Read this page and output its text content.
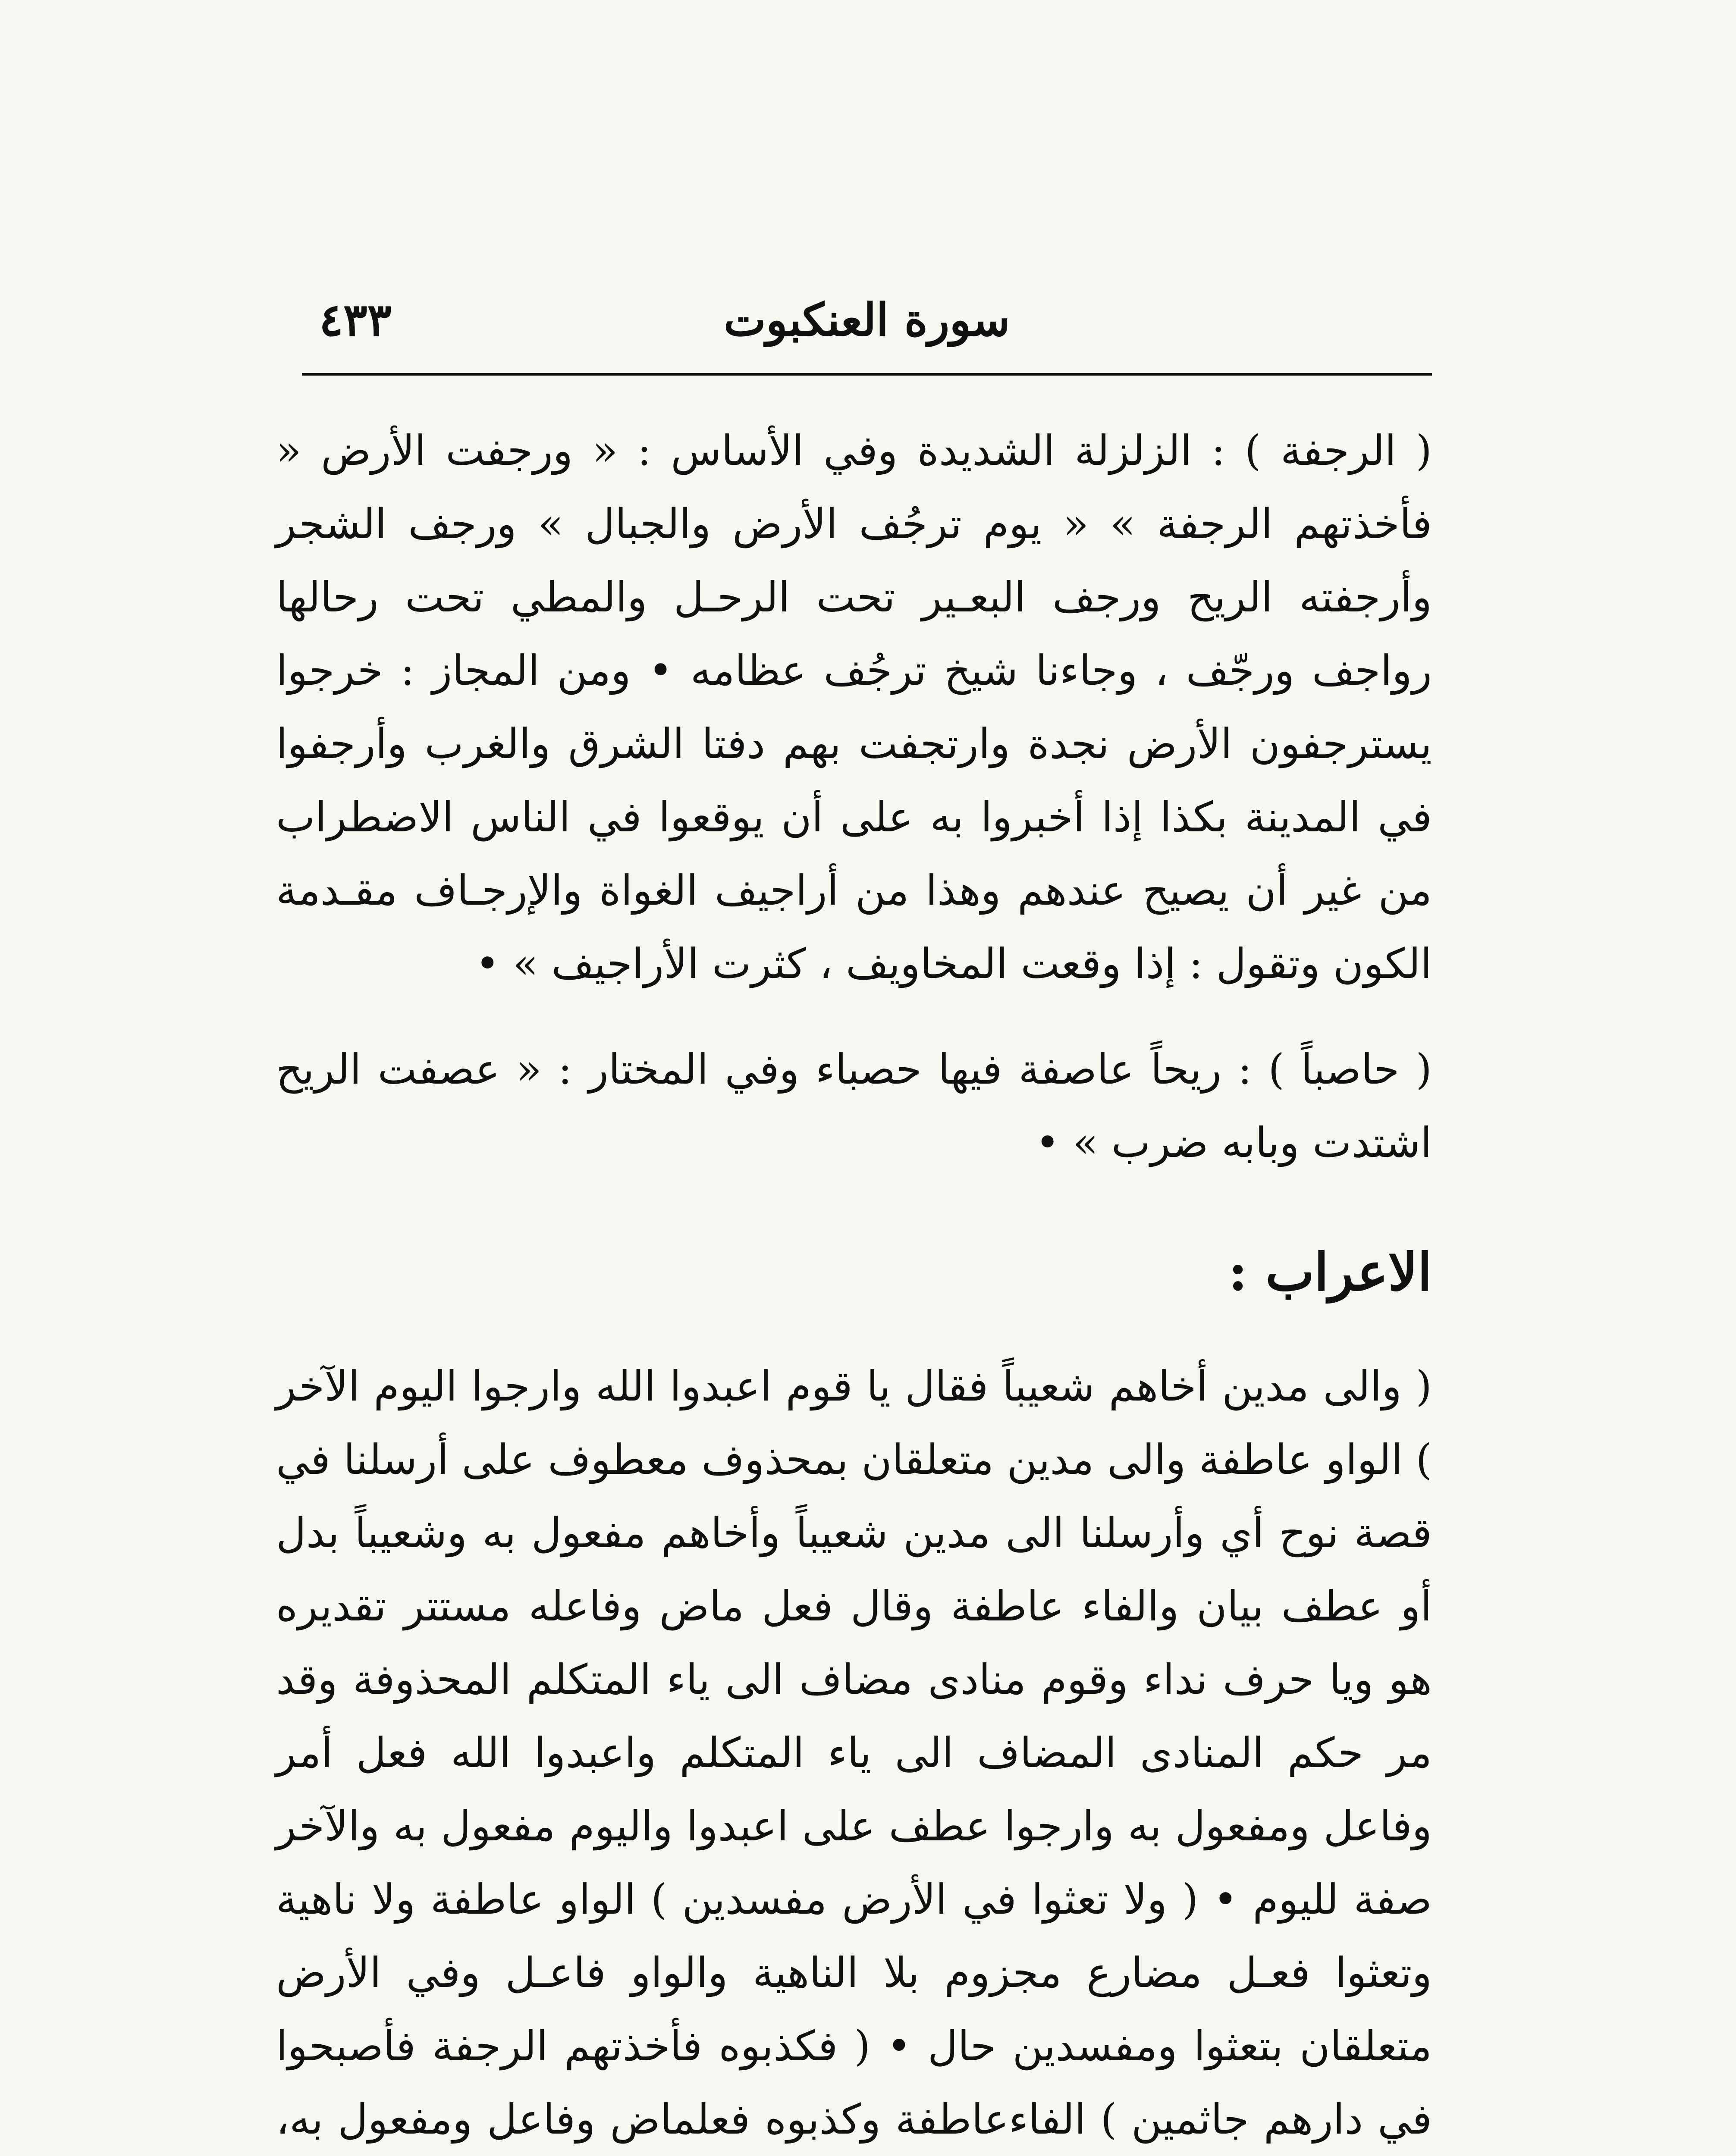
٤٣٣	سورة العنكبوت

( الرجفة ) : الزلزلة الشديدة وفي الأساس : « ورجفت الأرض « فأخذتهم الرجفة » « يوم ترجُف الأرض والجبال » ورجف الشجر وأرجفته الريح ورجف البعـير تحت الرحـل والمطي تحت رحالها رواجف ورجّف ، وجاءنا شيخ ترجُف عظامه • ومن المجاز : خرجوا يسترجفون الأرض نجدة وارتجفت بهم دفتا الشرق والغرب وأرجفوا في المدينة بكذا إذا أخبروا به على أن يوقعوا في الناس الاضطراب من غير أن يصيح عندهم وهذا من أراجيف الغواة والإرجـاف مقـدمة الكون وتقول : إذا وقعت المخاويف ، كثرت الأراجيف » •

( حاصباً ) : ريحاً عاصفة فيها حصباء وفي المختار : « عصفت الريح اشتدت وبابه ضرب » •

الاعراب :

( والى مدين أخاهم شعيباً فقال يا قوم اعبدوا الله وارجوا اليوم الآخر ) الواو عاطفة والى مدين متعلقان بمحذوف معطوف على أرسلنا في قصة نوح أي وأرسلنا الى مدين شعيباً وأخاهم مفعول به وشعيباً بدل أو عطف بيان والفاء عاطفة وقال فعل ماض وفاعله مستتر تقديره هو ويا حرف نداء وقوم منادى مضاف الى ياء المتكلم المحذوفة وقد مر حكم المنادى المضاف الى ياء المتكلم واعبدوا الله فعل أمر وفاعل ومفعول به وارجوا عطف على اعبدوا واليوم مفعول به والآخر صفة لليوم • ( ولا تعثوا في الأرض مفسدين ) الواو عاطفة ولا ناهية وتعثوا فعـل مضارع مجزوم بلا الناهية والواو فاعـل وفي الأرض متعلقان بتعثوا ومفسدين حال • ( فكذبوه فأخذتهم الرجفة فأصبحوا في دارهم جاثمين ) الفاءعاطفة وكذبوه فعلماض وفاعل ومفعول به،
